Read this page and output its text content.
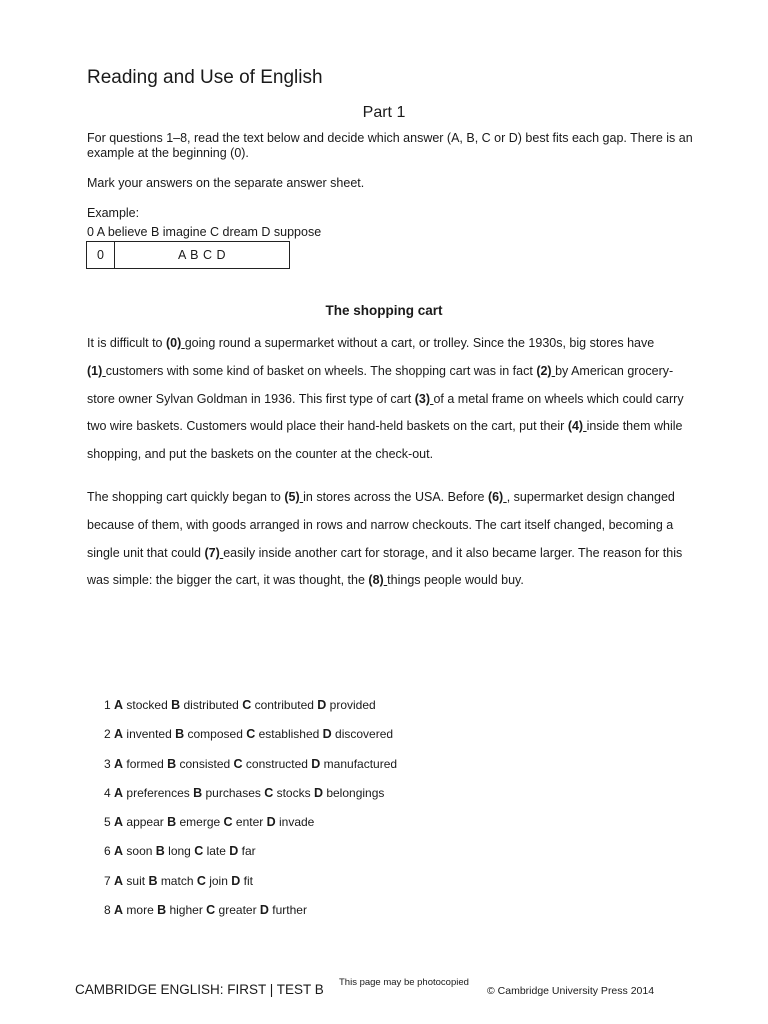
Reading and Use of English
Part 1
For questions 1–8, read the text below and decide which answer (A, B, C or D) best fits each gap. There is an example at the beginning (0).
Mark your answers on the separate answer sheet.
Example:
0 A believe B imagine C dream D suppose
0	A B C D
The shopping cart
It is difficult to (0) going round a supermarket without a cart, or trolley. Since the 1930s, big stores have (1) customers with some kind of basket on wheels. The shopping cart was in fact (2) by American grocery-store owner Sylvan Goldman in 1936. This first type of cart (3) of a metal frame on wheels which could carry two wire baskets. Customers would place their hand-held baskets on the cart, put their (4) inside them while shopping, and put the baskets on the counter at the check-out.
The shopping cart quickly began to (5) in stores across the USA. Before (6) , supermarket design changed because of them, with goods arranged in rows and narrow checkouts. The cart itself changed, becoming a single unit that could (7) easily inside another cart for storage, and it also became larger. The reason for this was simple: the bigger the cart, it was thought, the (8) things people would buy.
1 A stocked B distributed C contributed D provided
2 A invented B composed C established D discovered
3 A formed B consisted C constructed D manufactured
4 A preferences B purchases C stocks D belongings
5 A appear B emerge C enter D invade
6 A soon B long C late D far
7 A suit B match C join D fit
8 A more B higher C greater D further
CAMBRIDGE ENGLISH: FIRST | TEST B This page may be photocopied
© Cambridge University Press 2014
